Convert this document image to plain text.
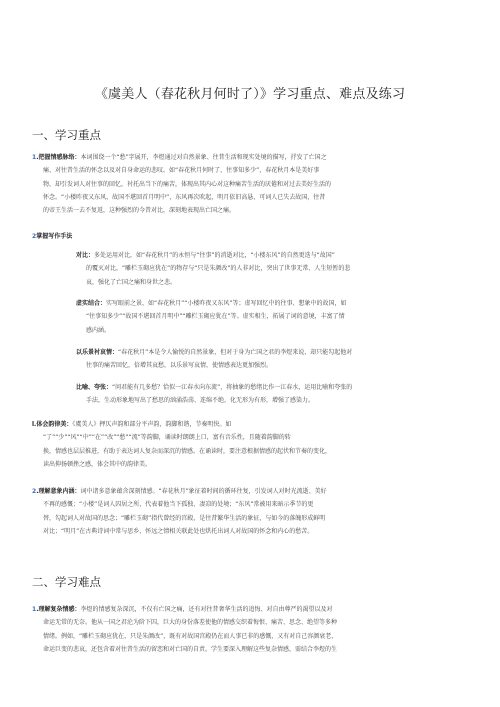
《虞美人（春花秋月何时了）》学习重点、难点及练习
一、学习重点

1.把握情感脉络：本词围绕一个“愁”字展开，李煜通过对自然景象、往昔生活和现实处境的描写，抒发了亡国之

痛、对往昔生活的怀念以及对自身命运的悲叹。如“春花秋月何时了，往事知多少”，春花秋月本是美好事

物，却引发词人对往事的回忆，衬托出当下的痛苦，体现出其内心对这种痛苦生活的厌倦和对过去美好生活的

怀念。“小楼昨夜又东风，故国不堪回首月明中”，东风再次吹起，明月依旧高悬，可词人已失去故国，往昔

的帝王生活一去不复返，这种强烈的今昔对比，深刻地表现出亡国之痛。

2掌握写作手法

对比：多处运用对比，如“春花秋月”的永恒与“往事”的消逝对比，“小楼东风”的自然更迭与“故国”

的覆灭对比，“雕栏玉砌应犹在”的物存与“只是朱颜改”的人非对比，突出了世事无常、人生短暂的悲

哀，强化了亡国之痛和身世之悲。

虚实结合：实写眼前之景，如“春花秋月”“小楼昨夜又东风”等；虚写回忆中的往事、想象中的故国，如

“往事知多少”“故国不堪回首月明中”“雕栏玉砌应犹在”等。虚实相生，拓展了词的意境，丰富了情

感内涵。

以乐景衬哀情：“春花秋月”本是令人愉悦的自然景象，但对于身为亡国之君的李煜来说，却只能勾起他对

往事的痛苦回忆，倍增其哀愁，以乐景写哀情，使情感表达更加强烈。

比喻、夸张：“问君能有几多愁？恰似一江春水向东流”，将抽象的愁绪比作一江春水，运用比喻和夸张的

手法，生动形象地写出了愁思的汹涌浩荡、连绵不绝，化无形为有形，增强了感染力。

l.体会韵律美：《虞美人》押仄声韵和部分平声韵，韵脚和谐，节奏明快。如

“了”“少”“风”“中”“在”“改”“愁”“流”等韵脚，诵读时朗朗上口，富有音乐性，且随着韵脚的转

换，情感也层层推进，有助于表达词人复杂而深沉的情感。在诵读时，要注意根据情感的起伏和节奏的变化，

读出抑扬顿挫之感，体会其中的韵律美。

2.理解意象内涵：词中诸多意象蕴含深刻情感。“春花秋月”象征着时间的循环往复，引发词人对时光流逝、美好

不再的感慨；“小楼”是词人囚居之所，代表着他当下孤独、凄凉的处境；“东风”常被用来暗示季节的更

替，勾起词人对故国的思念；“雕栏玉砌”指代曾经的宫殿，是往昔繁华生活的象征，与如今的落魄形成鲜明

对比；“明月”在古典诗词中常与思乡、怀远之情相关联此处也烘托出词人对故国的怀念和内心的愁苦。

二、学习难点

1.理解复杂情感：李煜的情感复杂深沉，不仅有亡国之痛，还有对往昔奢华生活的追悔、对自由尊严的渴望以及对

命运无常的无奈。他从一国之君沦为阶下囚，巨大的身份落差使他的情感交织着悔恨、痛苦、思念、绝望等多种

情绪。例如，“雕栏玉砌应犹在，只是朱颜改”，既有对故国宫殿仍在而人事已非的感慨，又有对自己容颜衰老、

命运巨变的悲哀，还包含着对往昔生活的留恋和对亡国的自责。学生要深入理解这些复杂情感，需结合李煜的生
